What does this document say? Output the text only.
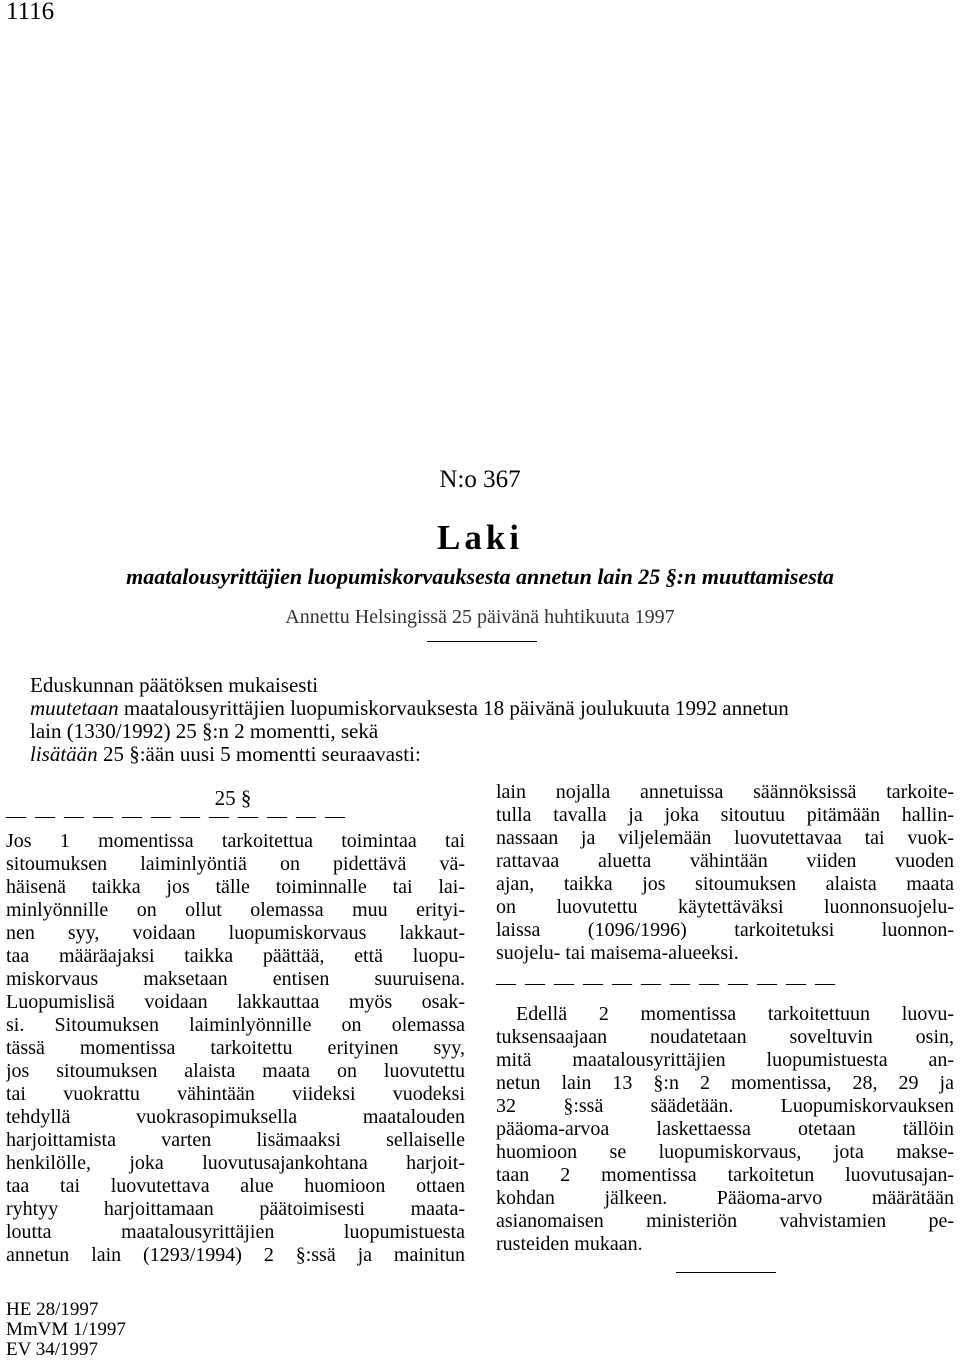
1116
N:o 367
Laki
maatalousyrittäjien luopumiskorvauksesta annetun lain 25 §:n muuttamisesta
Annettu Helsingissä 25 päivänä huhtikuuta 1997
Eduskunnan päätöksen mukaisesti
muutetaan maatalousyrittäjien luopumiskorvauksesta 18 päivänä joulukuuta 1992 annetun
lain (1330/1992) 25 §:n 2 momentti, sekä
lisätään 25 §:ään uusi 5 momentti seuraavasti:
25 §
— — — — — — — — — — — —
Jos 1 momentissa tarkoitettua toimintaa tai
sitoumuksen laiminlyöntiä on pidettävä vä-
häisenä taikka jos tälle toiminnalle tai lai-
minlyönnille on ollut olemassa muu erityi-
nen syy, voidaan luopumiskorvaus lakkaut-
taa määräajaksi taikka päättää, että luopu-
miskorvaus maksetaan entisen suuruisena.
Luopumislisä voidaan lakkauttaa myös osak-
si. Sitoumuksen laiminlyönnille on olemassa
tässä momentissa tarkoitettu erityinen syy,
jos sitoumuksen alaista maata on luovutettu
tai vuokrattu vähintään viideksi vuodeksi
tehdyllä vuokrasopimuksella maatalouden
harjoittamista varten lisämaaksi sellaiselle
henkilölle, joka luovutusajankohtana harjoit-
taa tai luovutettava alue huomioon ottaen
ryhtyy harjoittamaan päätoimisesti maata-
loutta maatalousyrittäjien luopumistuesta
annetun lain (1293/1994) 2 §:ssä ja mainitun
lain nojalla annetuissa säännöksissä tarkoite-
tulla tavalla ja joka sitoutuu pitämään hallin-
nassaan ja viljelemään luovutettavaa tai vuok-
rattavaa aluetta vähintään viiden vuoden
ajan, taikka jos sitoumuksen alaista maata
on luovutettu käytettäväksi luonnonsuojelu-
laissa (1096/1996) tarkoitetuksi luonnon-
suojelu- tai maisema-alueeksi.
— — — — — — — — — — — —
Edellä 2 momentissa tarkoitettuun luovu-
tuksensaajaan noudatetaan soveltuvin osin,
mitä maatalousyrittäjien luopumistuesta an-
netun lain 13 §:n 2 momentissa, 28, 29 ja
32 §:ssä säädetään. Luopumiskorvauksen
pääoma-arvoa laskettaessa otetaan tällöin
huomioon se luopumiskorvaus, jota makse-
taan 2 momentissa tarkoitetun luovutusajan-
kohdan jälkeen. Pääoma-arvo määrätään
asianomaisen ministeriön vahvistamien pe-
rusteiden mukaan.
HE 28/1997
MmVM 1/1997
EV 34/1997
